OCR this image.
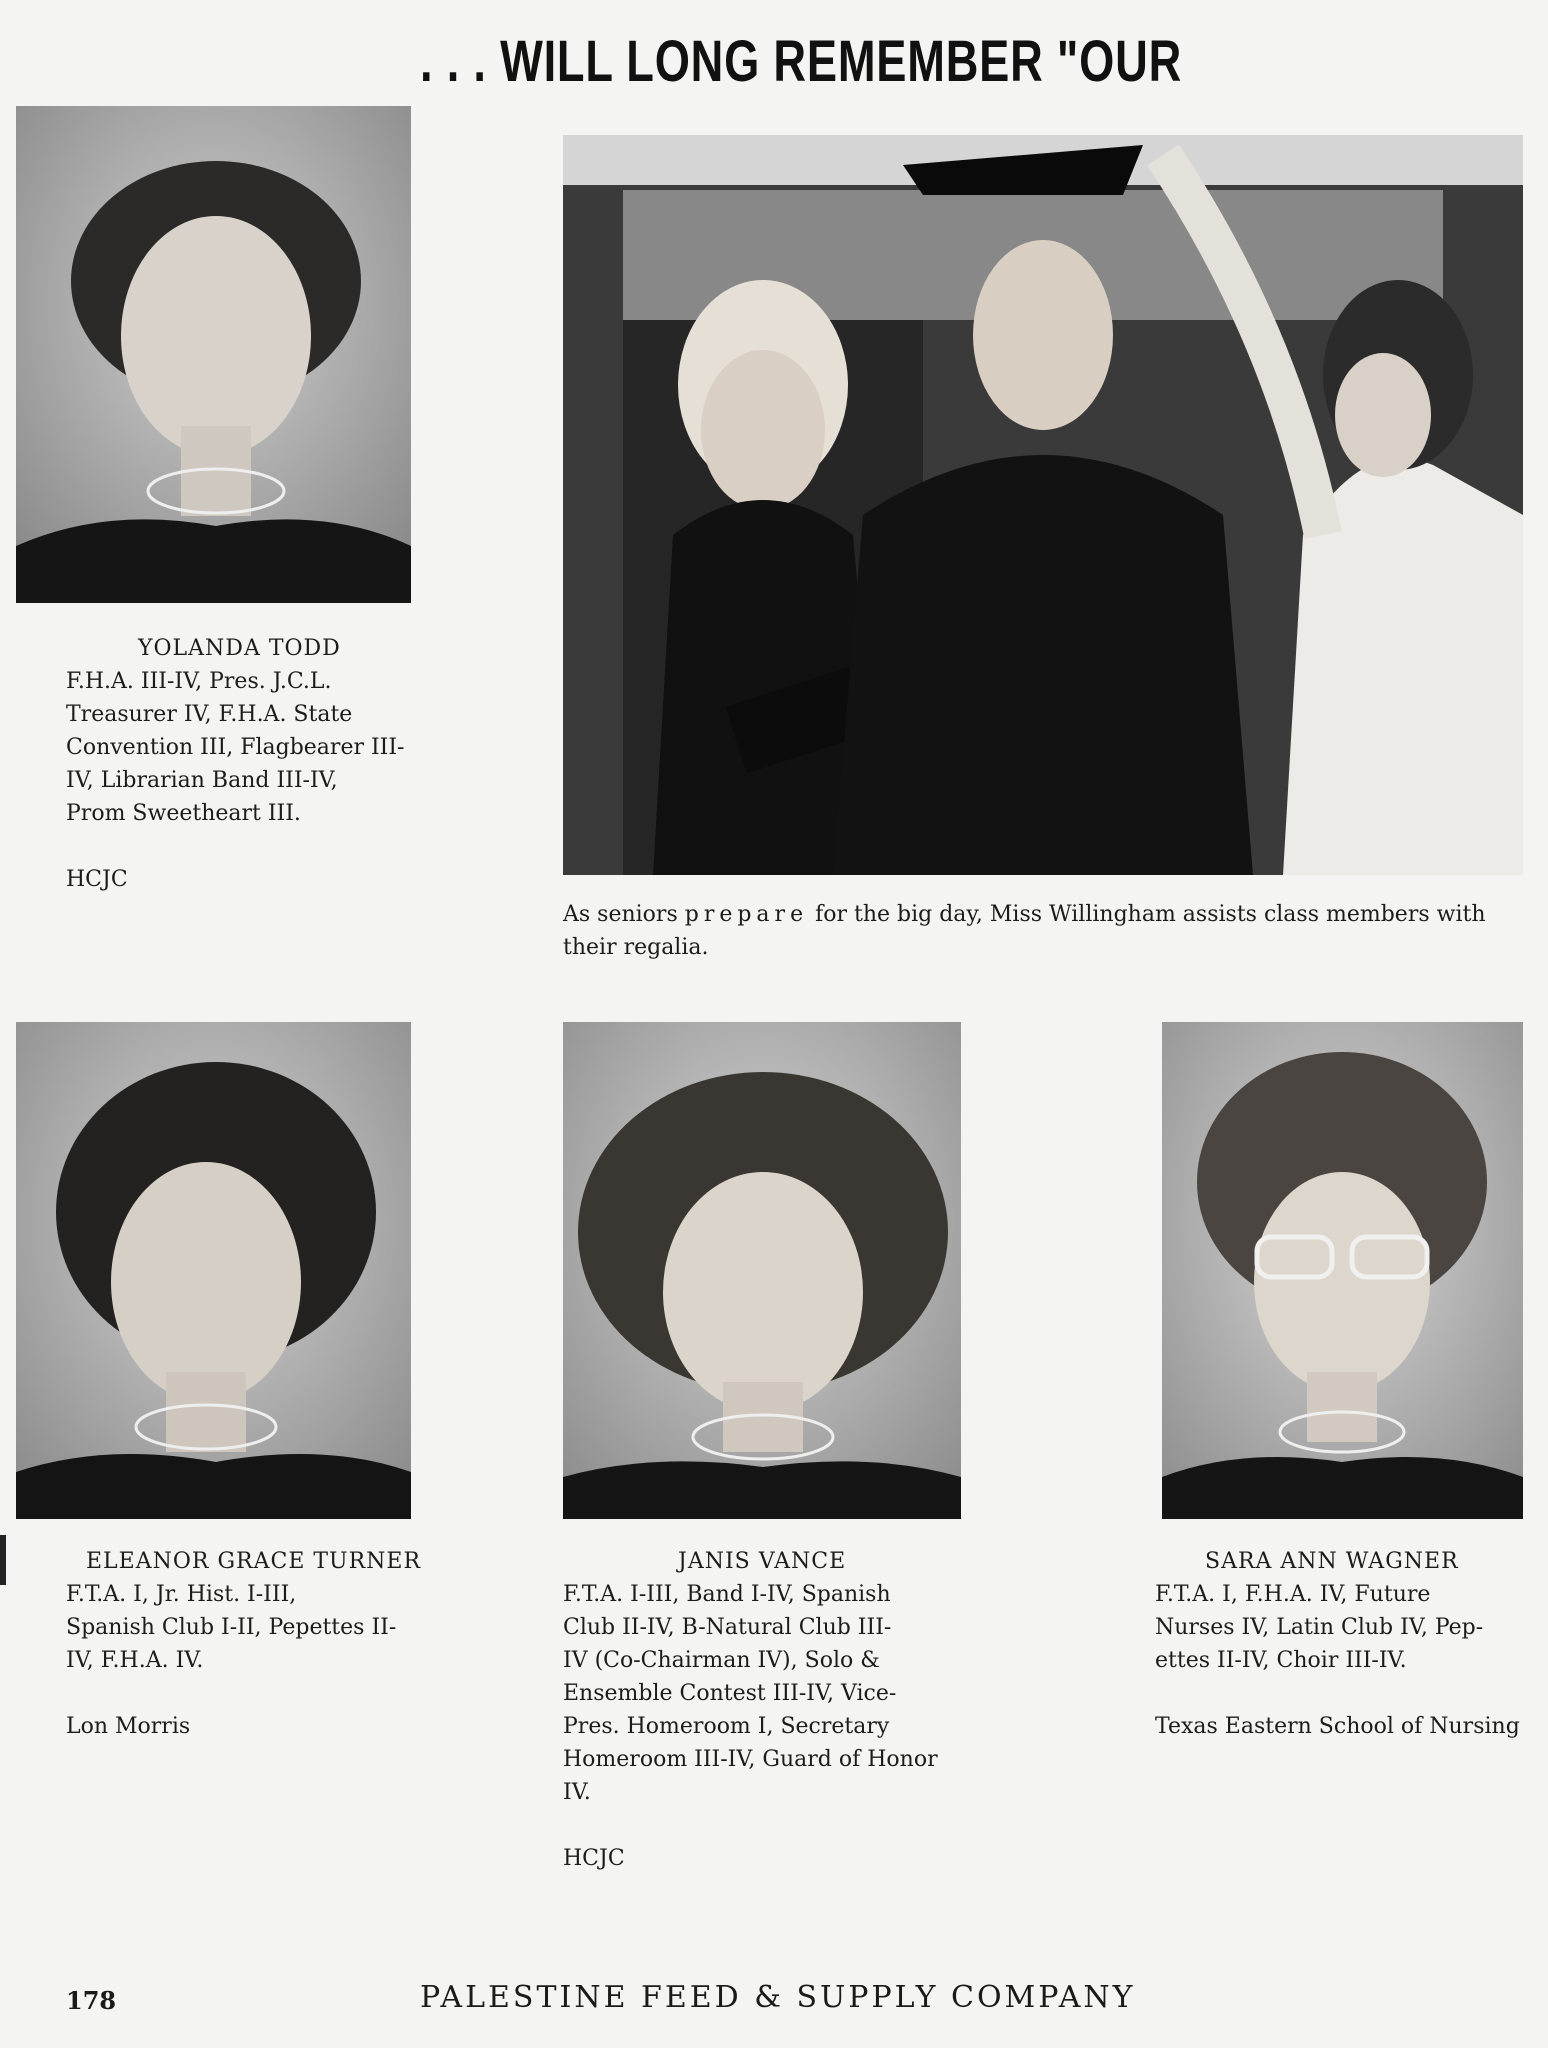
. . . WILL LONG REMEMBER "OUR
YOLANDA TODD
F.H.A. III-IV, Pres. J.C.L.
Treasurer IV, F.H.A. State
Convention III, Flagbearer III-
IV, Librarian Band III-IV,
Prom Sweetheart III.
HCJC
As seniors prepare for the big day, Miss Willingham assists class members with their regalia.
ELEANOR GRACE TURNER
F.T.A. I, Jr. Hist. I-III,
Spanish Club I-II, Pepettes II-
IV, F.H.A. IV.
Lon Morris
JANIS VANCE
F.T.A. I-III, Band I-IV, Spanish
Club II-IV, B-Natural Club III-
IV (Co-Chairman IV), Solo &
Ensemble Contest III-IV, Vice-
Pres. Homeroom I, Secretary
Homeroom III-IV, Guard of Honor
IV.
HCJC
SARA ANN WAGNER
F.T.A. I, F.H.A. IV, Future
Nurses IV, Latin Club IV, Pep-
ettes II-IV, Choir III-IV.
Texas Eastern School of Nursing
178	PALESTINE FEED & SUPPLY COMPANY
